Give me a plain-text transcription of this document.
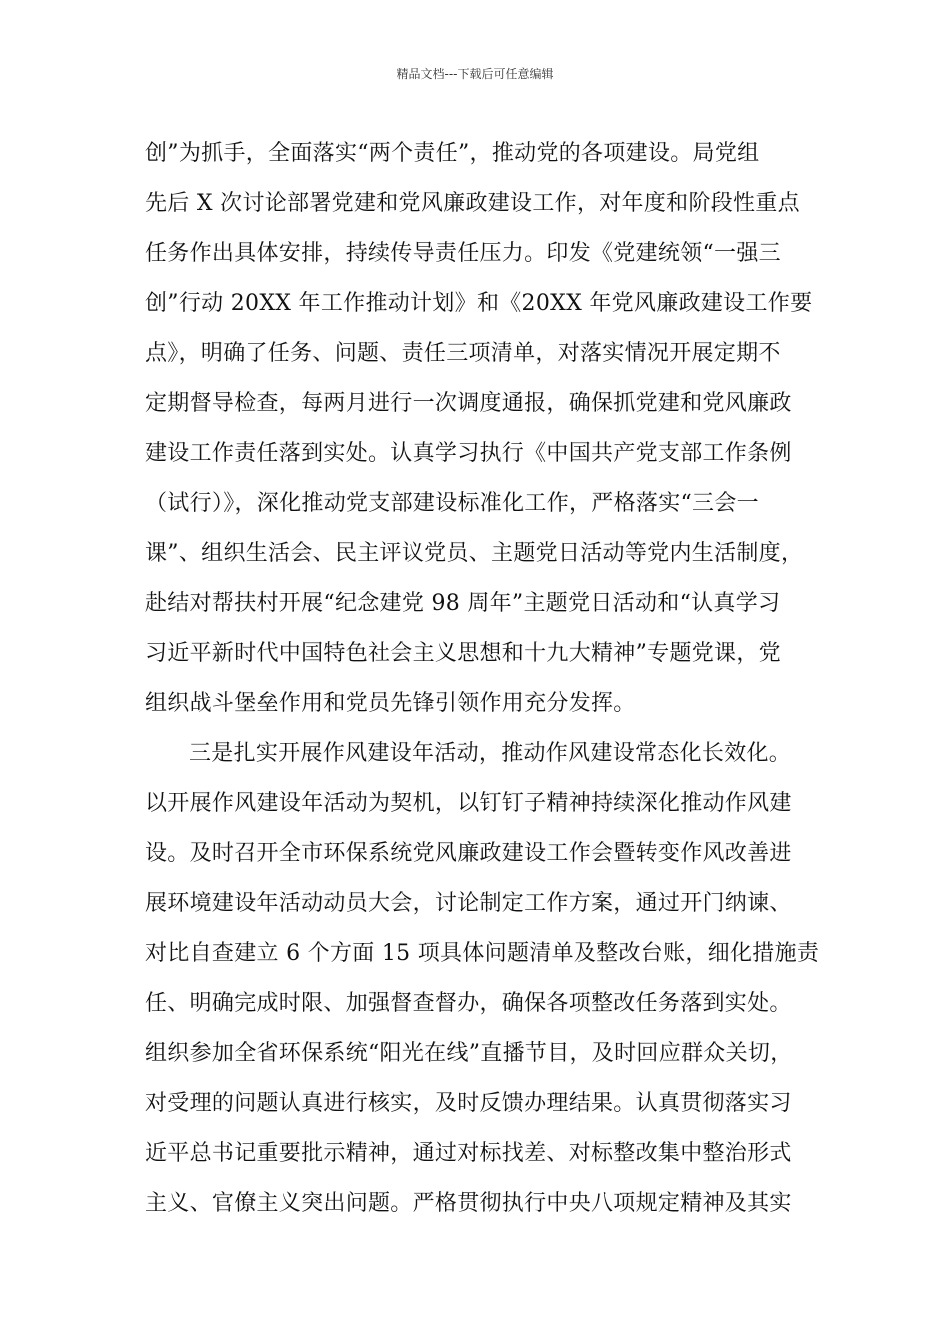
精品文档---下载后可任意编辑
创”为抓手，全面落实“两个责任”，推动党的各项建设。局党组
先后 X 次讨论部署党建和党风廉政建设工作，对年度和阶段性重点
任务作出具体安排，持续传导责任压力。印发《党建统领“一强三
创”行动 20XX 年工作推动计划》和《20XX 年党风廉政建设工作要
点》，明确了任务、问题、责任三项清单，对落实情况开展定期不
定期督导检查，每两月进行一次调度通报，确保抓党建和党风廉政
建设工作责任落到实处。认真学习执行《中国共产党支部工作条例
（试行）》，深化推动党支部建设标准化工作，严格落实“三会一
课”、组织生活会、民主评议党员、主题党日活动等党内生活制度，
赴结对帮扶村开展“纪念建党 98 周年”主题党日活动和“认真学习
习近平新时代中国特色社会主义思想和十九大精神”专题党课，党
组织战斗堡垒作用和党员先锋引领作用充分发挥。
三是扎实开展作风建设年活动，推动作风建设常态化长效化。
以开展作风建设年活动为契机，以钉钉子精神持续深化推动作风建
设。及时召开全市环保系统党风廉政建设工作会暨转变作风改善进
展环境建设年活动动员大会，讨论制定工作方案，通过开门纳谏、
对比自查建立 6 个方面 15 项具体问题清单及整改台账，细化措施责
任、明确完成时限、加强督查督办，确保各项整改任务落到实处。
组织参加全省环保系统“阳光在线”直播节目，及时回应群众关切，
对受理的问题认真进行核实，及时反馈办理结果。认真贯彻落实习
近平总书记重要批示精神，通过对标找差、对标整改集中整治形式
主义、官僚主义突出问题。严格贯彻执行中央八项规定精神及其实
